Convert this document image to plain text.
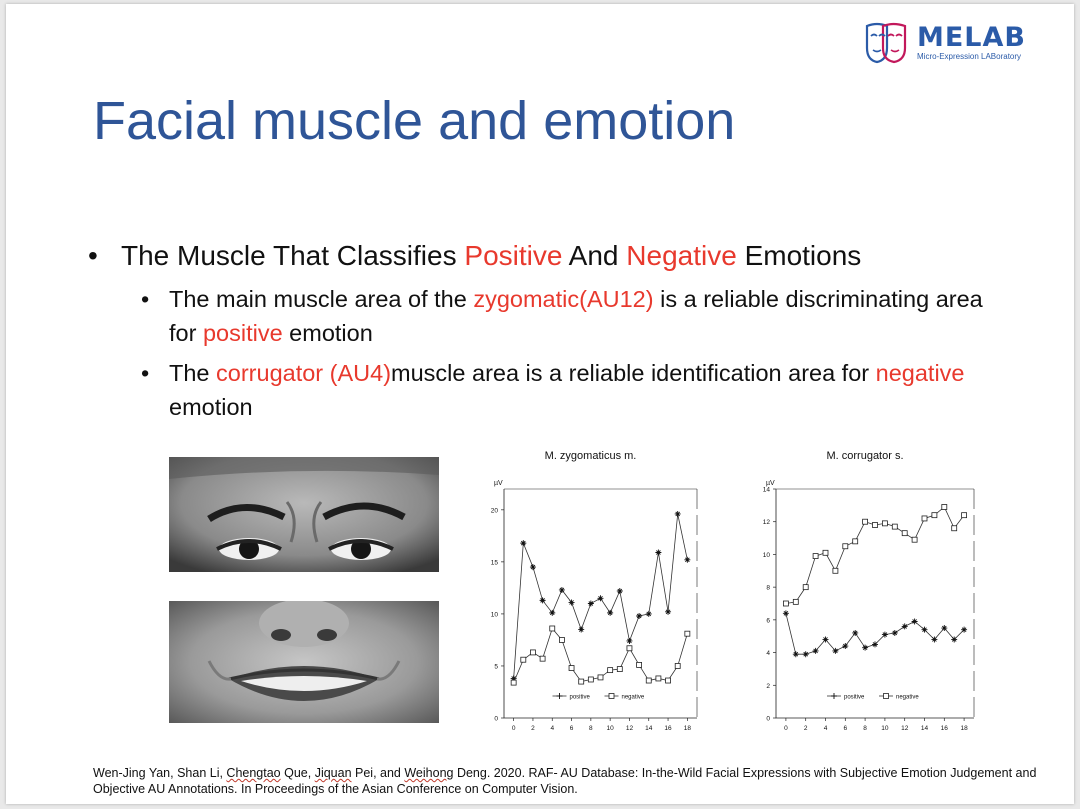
MELAB
Micro-Expression LABoratory
Facial muscle and emotion
• The Muscle That Classifies Positive And Negative Emotions
• The main muscle area of the zygomatic(AU12) is a reliable discriminating area for positive emotion
• The corrugator (AU4)muscle area is a reliable identification area for negative emotion
M. zygomaticus m.
µV
0
5
10
15
20
0 2 4 6 8 10 12 14 16 18
positive	negative
M. corrugator s.
µV
0
2
4
6
8
10
12
14
0 2 4 6 8 10 12 14 16 18
positive	negative
Wen-Jing Yan, Shan Li, Chengtao Que, Jiquan Pei, and Weihong Deng. 2020. RAF- AU Database: In-the-Wild Facial Expressions with Subjective Emotion Judgement and Objective AU Annotations. In Proceedings of the Asian Conference on Computer Vision.
